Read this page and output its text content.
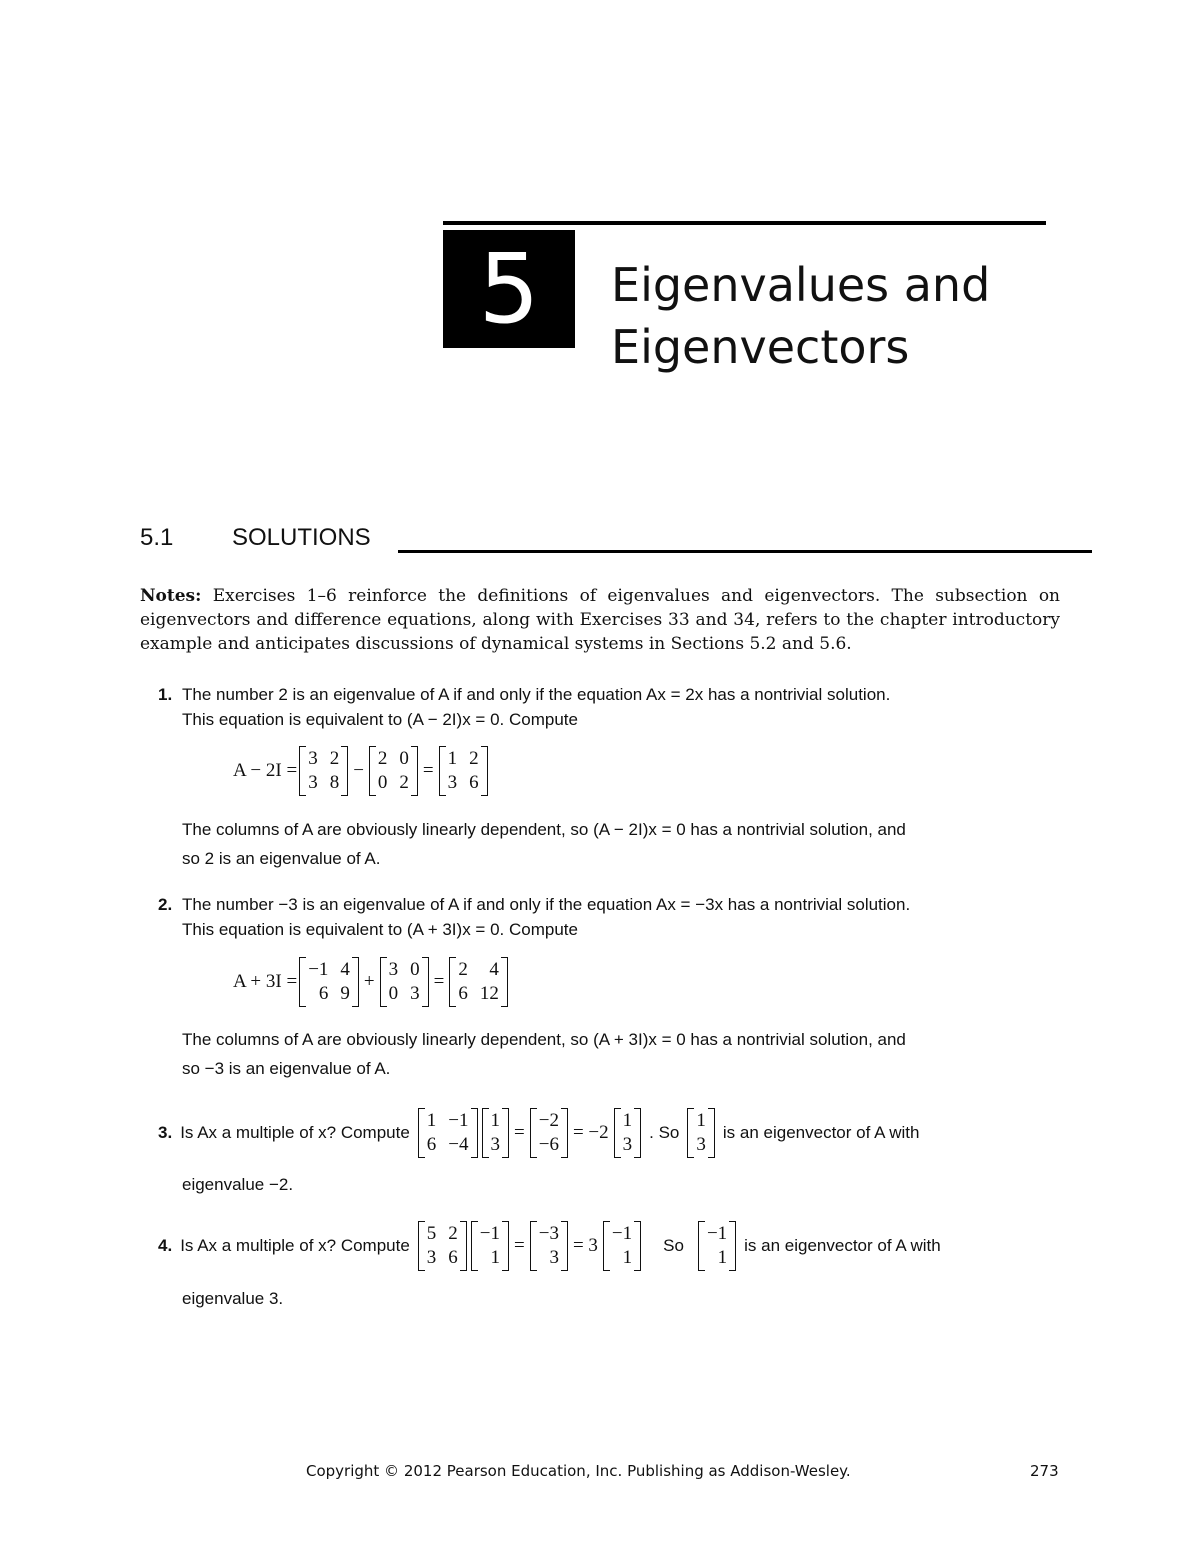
5	Eigenvalues and
Eigenvectors
5.1 SOLUTIONS
Notes: Exercises 1–6 reinforce the definitions of eigenvalues and eigenvectors. The subsection on eigenvectors and difference equations, along with Exercises 33 and 34, refers to the chapter introductory example and anticipates discussions of dynamical systems in Sections 5.2 and 5.6.
1. The number 2 is an eigenvalue of A if and only if the equation Ax = 2x has a nontrivial solution.
This equation is equivalent to (A − 2I)x = 0. Compute
A − 2I =
3 2
3 8
−
2 0
0 2
=
1 2
3 6
The columns of A are obviously linearly dependent, so (A − 2I)x = 0 has a nontrivial solution, and
so 2 is an eigenvalue of A.
2. The number −3 is an eigenvalue of A if and only if the equation Ax = −3x has a nontrivial solution.
This equation is equivalent to (A + 3I)x = 0. Compute
A + 3I =
−1 4
6 9
+
3 0
0 3
=
2	4
6 12
The columns of A are obviously linearly dependent, so (A + 3I)x = 0 has a nontrivial solution, and
so −3 is an eigenvalue of A.
3. Is Ax a multiple of x? Compute
1 −1
6 −4
1
3
=
−2
−6
= −2
1
3
. So
1
3
is an eigenvector of A with
eigenvalue −2.
4. Is Ax a multiple of x? Compute
5 2
3 6
−1
1
=
−3
3
= 3
−1
1
So
−1
1
is an eigenvector of A with
eigenvalue 3.
Copyright © 2012 Pearson Education, Inc. Publishing as Addison-Wesley.	273
